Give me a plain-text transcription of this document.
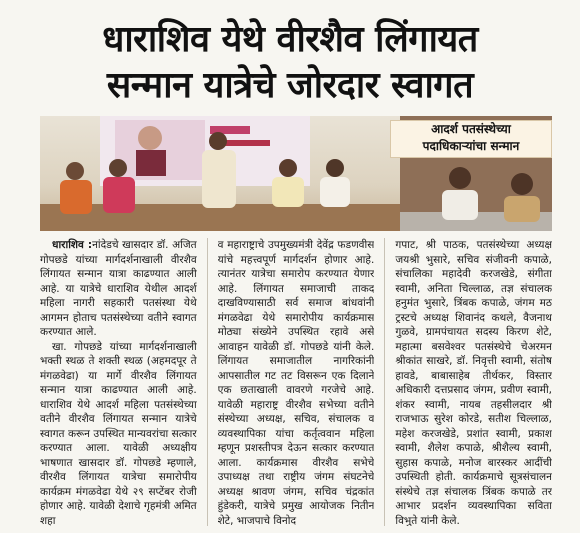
धाराशिव येथे वीरशैव लिंगायत
सन्मान यात्रेचे जोरदार स्वागत
आदर्श पतसंस्थेच्या
पदाधिकाऱ्यांचा सन्मान

धाराशिव :नांदेडचे खासदार डॉ. अजित गोपछडे यांच्या मार्गदर्शनाखाली वीरशैव लिंगायत सन्मान यात्रा काढण्यात आली आहे. या यात्रेचे धाराशिव येथील आदर्श महिला नागरी सहकारी पतसंस्था येथे आगमन होताच पतसंस्थेच्या वतीने स्वागत करण्यात आले.

खा. गोपछडे यांच्या मार्गदर्शनाखाली भक्ती स्थळ ते शक्ती स्थळ (अहमदपूर ते मंगळवेढा) या मार्गे वीरशैव लिंगायत सन्मान यात्रा काढण्यात आली आहे. धाराशिव येथे आदर्श महिला पतसंस्थेच्या वतीने वीरशैव लिंगायत सन्मान यात्रेचे स्वागत करून उपस्थित मान्यवरांचा सत्कार करण्यात आला. यावेळी अध्यक्षीय भाषणात खासदार डॉ. गोपछडे म्हणाले, वीरशैव लिंगायत यात्रेचा समारोपीय कार्यक्रम मंगळवेढा येथे २९ सप्टेंबर रोजी होणार आहे. यावेळी देशाचे गृहमंत्री अमित शहा

व महाराष्ट्राचे उपमुख्यमंत्री देवेंद्र फडणवीस यांचे महत्त्वपूर्ण मार्गदर्शन होणार आहे. त्यानंतर यात्रेचा समारोप करण्यात येणार आहे. लिंगायत समाजाची ताकद दाखविण्यासाठी सर्व समाज बांधवांनी मंगळवेढा येथे समारोपीय कार्यक्रमास मोठ्या संख्येने उपस्थित रहावे असे आवाहन यावेळी डॉ. गोपछडे यांनी केले. लिंगायत समाजातील नागरिकांनी आपसातील गट तट विसरून एक दिलाने एक छताखाली वावरणे गरजेचे आहे. यावेळी महाराष्ट्र वीरशैव सभेच्या वतीने संस्थेच्या अध्यक्ष, सचिव, संचालक व व्यवस्थापिका यांचा कर्तृत्ववान महिला म्हणून प्रशस्तीपत्र देऊन सत्कार करण्यात आला. कार्यक्रमास वीरशैव सभेचे उपाध्यक्ष तथा राष्ट्रीय जंगम संघटनेचे अध्यक्ष श्रावण जंगम, सचिव चंद्रकांत हुंडेकरी, यात्रेचे प्रमुख आयोजक नितीन शेटे, भाजपाचे विनोद

गपाट, श्री पाठक, पतसंस्थेच्या अध्यक्ष जयश्री भुसारे, सचिव संजीवनी कपाळे, संचालिका महादेवी करजखेडे, संगीता स्वामी, अनिता चिल्लाळ, तज्ञ संचालक हनुमंत भुसारे, त्रिंबक कपाळे, जंगम मठ ट्रस्टचे अध्यक्ष शिवानंद कथले, वैजनाथ गुळवे, ग्रामपंचायत सदस्य किरण शेटे, महात्मा बसवेश्वर पतसंस्थेचे चेअरमन श्रीकांत साखरे, डॉ. निवृत्ती स्वामी, संतोष हावडे, बाबासाहेब तीर्थकर, विस्तार अधिकारी दत्तप्रसाद जंगम, प्रवीण स्वामी, शंकर स्वामी, नायब तहसीलदार श्री राजभाऊ सुरेश कोरडे, सतीश चिल्लाळ, महेश करजखेडे, प्रशांत स्वामी, प्रकाश स्वामी, शैलेश कपाळे, श्रीशैल्य स्वामी, सुहास कपाळे, मनोज बारस्कर आदींची उपस्थिती होती. कार्यक्रमाचे सूत्रसंचालन संस्थेचे तज्ञ संचालक त्रिंबक कपाळे तर आभार प्रदर्शन व्यवस्थापिका सविता विभुते यांनी केले.
